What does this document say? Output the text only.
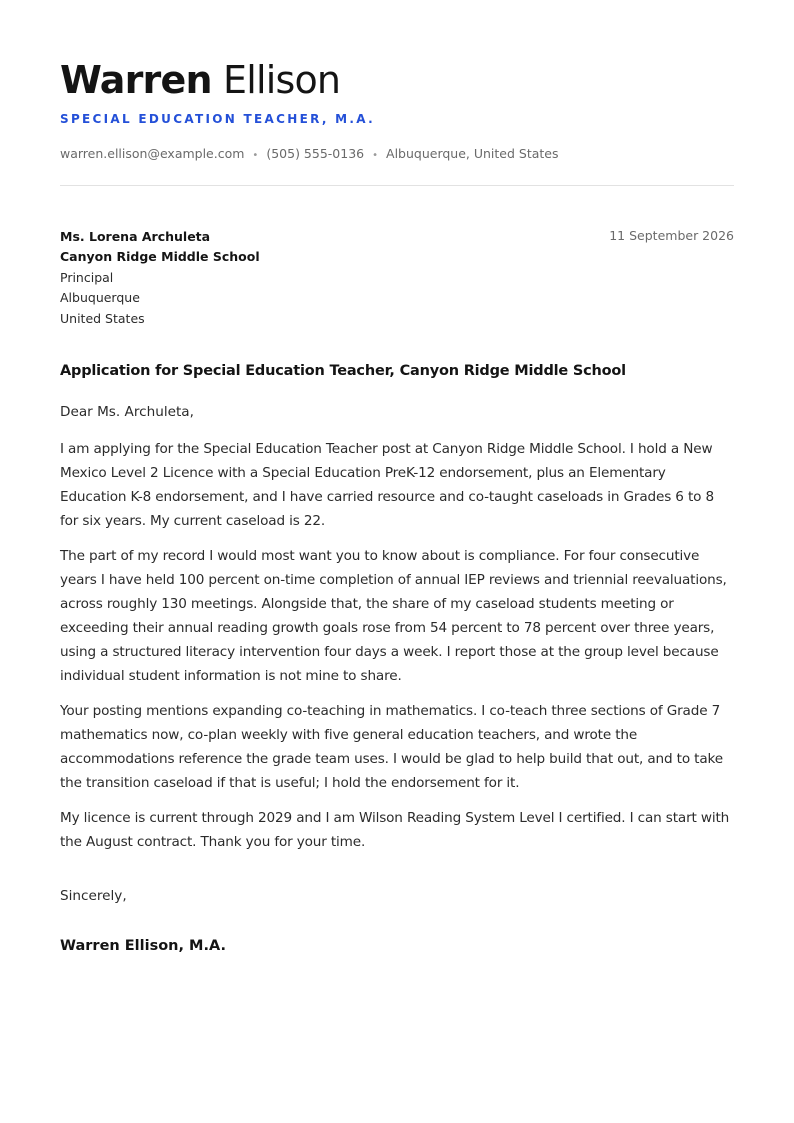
Warren Ellison
SPECIAL EDUCATION TEACHER, M.A.
warren.ellison@example.com • (505) 555-0136 • Albuquerque, United States
Ms. Lorena Archuleta
Canyon Ridge Middle School
Principal
Albuquerque
United States
11 September 2026
Application for Special Education Teacher, Canyon Ridge Middle School
Dear Ms. Archuleta,

I am applying for the Special Education Teacher post at Canyon Ridge Middle School. I hold a New Mexico Level 2 Licence with a Special Education PreK-12 endorsement, plus an Elementary Education K-8 endorsement, and I have carried resource and co-taught caseloads in Grades 6 to 8 for six years. My current caseload is 22.

The part of my record I would most want you to know about is compliance. For four consecutive years I have held 100 percent on-time completion of annual IEP reviews and triennial reevaluations, across roughly 130 meetings. Alongside that, the share of my caseload students meeting or exceeding their annual reading growth goals rose from 54 percent to 78 percent over three years, using a structured literacy intervention four days a week. I report those at the group level because individual student information is not mine to share.

Your posting mentions expanding co-teaching in mathematics. I co-teach three sections of Grade 7 mathematics now, co-plan weekly with five general education teachers, and wrote the accommodations reference the grade team uses. I would be glad to help build that out, and to take the transition caseload if that is useful; I hold the endorsement for it.

My licence is current through 2029 and I am Wilson Reading System Level I certified. I can start with the August contract. Thank you for your time.

Sincerely,
Warren Ellison, M.A.
